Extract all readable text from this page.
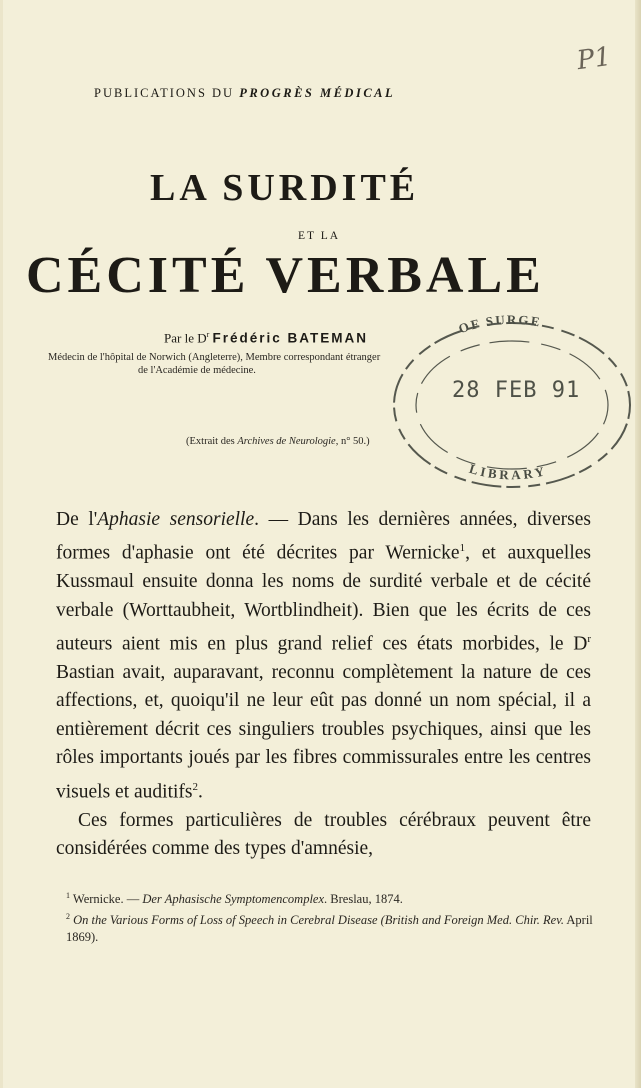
P1
PUBLICATIONS DU PROGRÈS MÉDICAL
LA SURDITÉ
ET LA
CÉCITÉ VERBALE
Par le $D^r$ Frédéric BATEMAN
Médecin de l'hôpital de Norwich (Angleterre), Membre correspondant étranger
de l'Académie de médecine.
(Extrait des Archives de Neurologie, n° 50.)
OF SURGE
LIBRARY
28 FEB 91
De l'Aphasie sensorielle. — Dans les dernières années, diverses formes d'aphasie ont été décrites par Wernicke$^1$, et auxquelles Kussmaul ensuite donna les noms de surdité verbale et de cécité verbale (Worttaubheit, Wortblindheit). Bien que les écrits de ces auteurs aient mis en plus grand relief ces états morbides, le $D^r$ Bastian avait, auparavant, reconnu complètement la nature de ces affections, et, quoiqu'il ne leur eût pas donné un nom spécial, il a entièrement décrit ces singuliers troubles psychiques, ainsi que les rôles importants joués par les fibres commissurales entre les centres visuels et auditifs$^2$.
Ces formes particulières de troubles cérébraux peuvent être considérées comme des types d'amnésie,
$^1$ Wernicke. — Der Aphasische Symptomencomplex. Breslau, 1874.
$^2$ On the Various Forms of Loss of Speech in Cerebral Disease (British and Foreign Med. Chir. Rev. April 1869).
